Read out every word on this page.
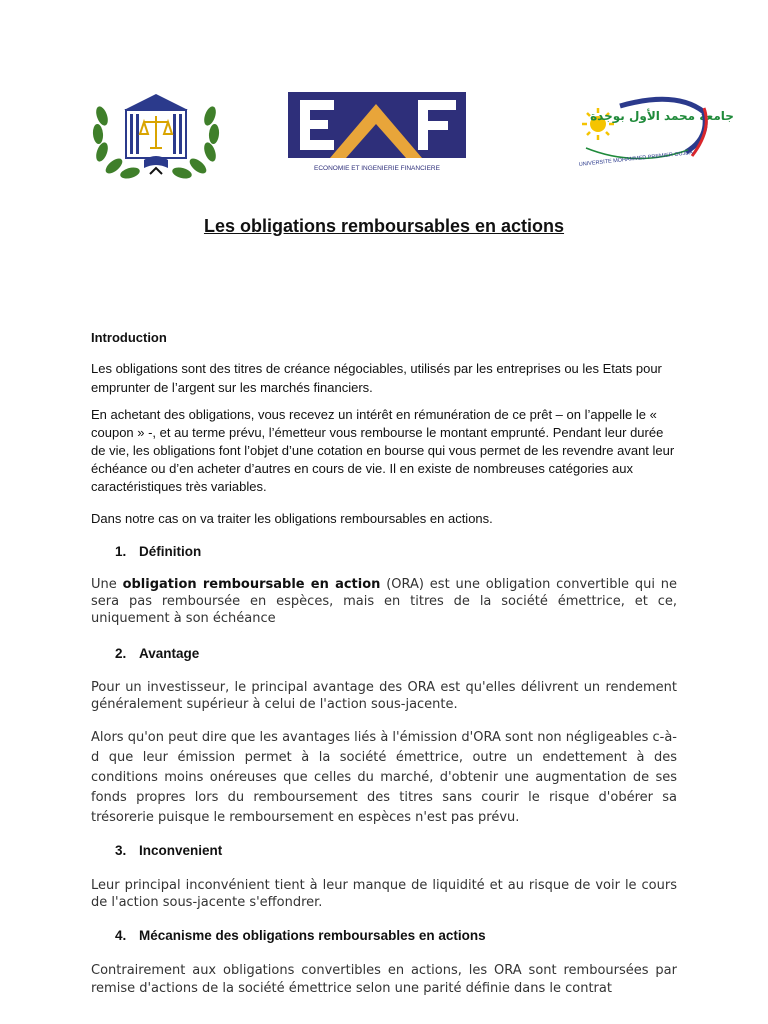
ECONOMIE ET INGENIERIE FINANCIERE
جامعة محمد الأول بوجدة
UNIVERSITE MOHAMMED PREMIER OUJDA
Les obligations remboursables en actions
Introduction

Les obligations sont des titres de créance négociables, utilisés par les entreprises ou les Etats pour emprunter de l’argent sur les marchés financiers.

En achetant des obligations, vous recevez un intérêt en rémunération de ce prêt – on l’appelle le « coupon » -, et au terme prévu, l’émetteur vous rembourse le montant emprunté. Pendant leur durée de vie, les obligations font l’objet d’une cotation en bourse qui vous permet de les revendre avant leur échéance ou d’en acheter d’autres en cours de vie. Il en existe de nombreuses catégories aux caractéristiques très variables.

Dans notre cas on va traiter les obligations remboursables en actions.

1. Définition

Une obligation remboursable en action (ORA) est une obligation convertible qui ne sera pas remboursée en espèces, mais en titres de la société émettrice, et ce, uniquement à son échéance

2. Avantage

Pour un investisseur, le principal avantage des ORA est qu'elles délivrent un rendement généralement supérieur à celui de l'action sous-jacente.

Alors qu'on peut dire que les avantages liés à l'émission d'ORA sont non négligeables c-à-d que leur émission permet à la société émettrice, outre un endettement à des conditions moins onéreuses que celles du marché, d'obtenir une augmentation de ses fonds propres lors du remboursement des titres sans courir le risque d'obérer sa trésorerie puisque le remboursement en espèces n'est pas prévu.

3. Inconvenient

Leur principal inconvénient tient à leur manque de liquidité et au risque de voir le cours de l'action sous-jacente s'effondrer.

4. Mécanisme des obligations remboursables en actions

Contrairement aux obligations convertibles en actions, les ORA sont remboursées par remise d'actions de la société émettrice selon une parité définie dans le contrat
